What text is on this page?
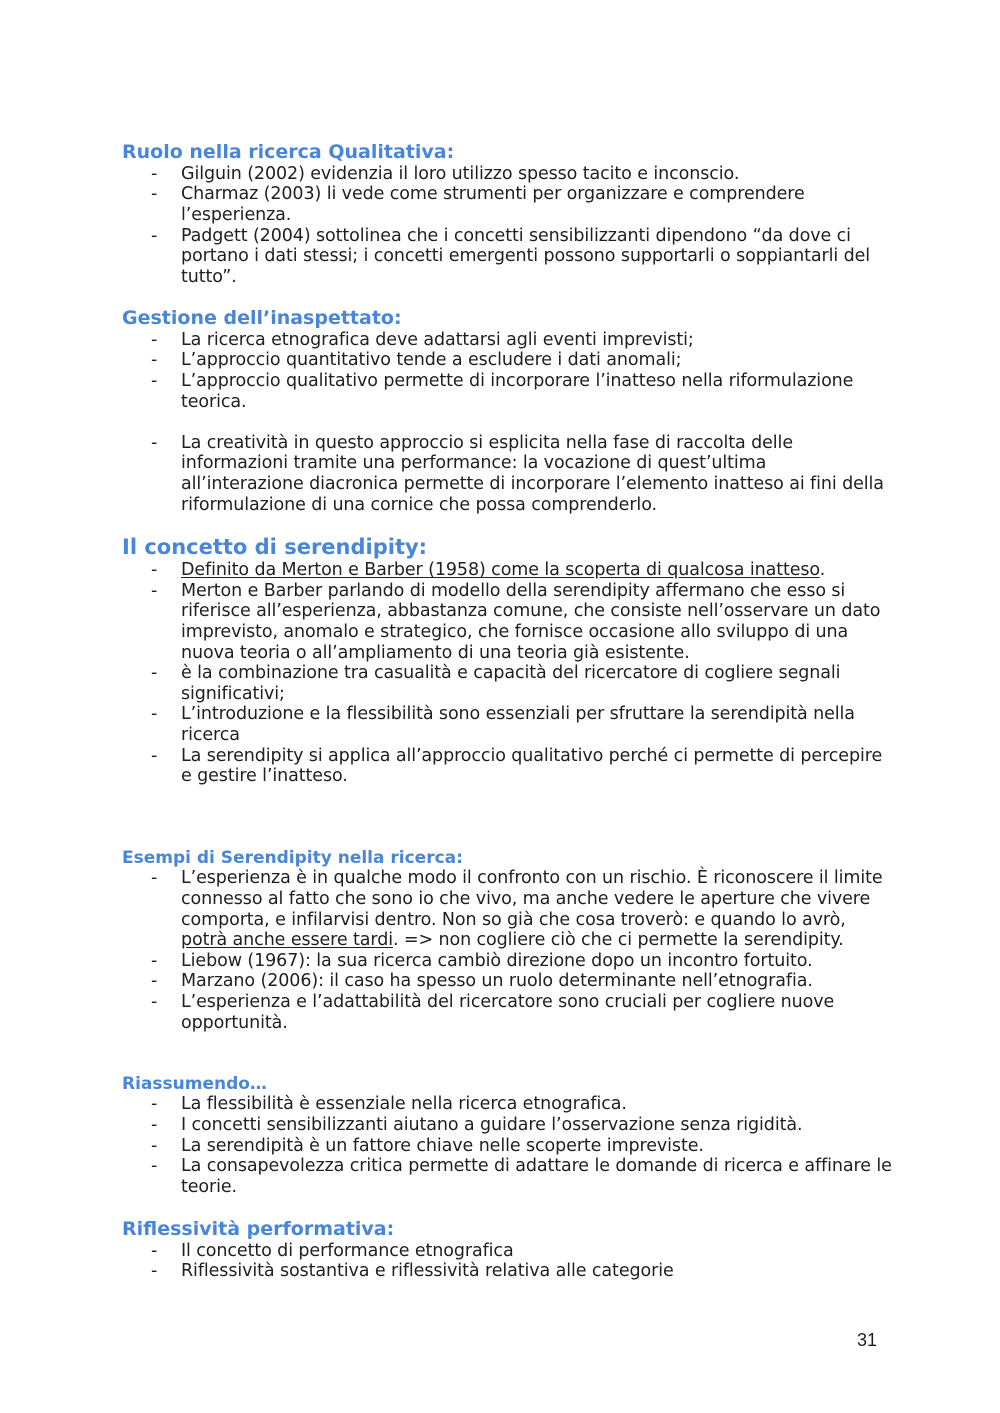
Ruolo nella ricerca Qualitativa:
- Gilguin (2002) evidenzia il loro utilizzo spesso tacito e inconscio.
- Charmaz (2003) li vede come strumenti per organizzare e comprendere l’esperienza.
- Padgett (2004) sottolinea che i concetti sensibilizzanti dipendono “da dove ci portano i dati stessi; i concetti emergenti possono supportarli o soppiantarli del tutto”.
Gestione dell’inaspettato:
- La ricerca etnografica deve adattarsi agli eventi imprevisti;
- L’approccio quantitativo tende a escludere i dati anomali;
- L’approccio qualitativo permette di incorporare l’inatteso nella riformulazione teorica.
- La creatività in questo approccio si esplicita nella fase di raccolta delle informazioni tramite una performance: la vocazione di quest’ultima all’interazione diacronica permette di incorporare l’elemento inatteso ai fini della riformulazione di una cornice che possa comprenderlo.
Il concetto di serendipity:
- Definito da Merton e Barber (1958) come la scoperta di qualcosa inatteso.
- Merton e Barber parlando di modello della serendipity affermano che esso si riferisce all’esperienza, abbastanza comune, che consiste nell’osservare un dato imprevisto, anomalo e strategico, che fornisce occasione allo sviluppo di una nuova teoria o all’ampliamento di una teoria già esistente.
- è la combinazione tra casualità e capacità del ricercatore di cogliere segnali significativi;
- L’introduzione e la flessibilità sono essenziali per sfruttare la serendipità nella ricerca
- La serendipity si applica all’approccio qualitativo perché ci permette di percepire e gestire l’inatteso.
Esempi di Serendipity nella ricerca:
- L’esperienza è in qualche modo il confronto con un rischio. È riconoscere il limite connesso al fatto che sono io che vivo, ma anche vedere le aperture che vivere comporta, e infilarvisi dentro. Non so già che cosa troverò: e quando lo avrò, potrà anche essere tardi. => non cogliere ciò che ci permette la serendipity.
- Liebow (1967): la sua ricerca cambiò direzione dopo un incontro fortuito.
- Marzano (2006): il caso ha spesso un ruolo determinante nell’etnografia.
- L’esperienza e l’adattabilità del ricercatore sono cruciali per cogliere nuove opportunità.
Riassumendo…
- La flessibilità è essenziale nella ricerca etnografica.
- I concetti sensibilizzanti aiutano a guidare l’osservazione senza rigidità.
- La serendipità è un fattore chiave nelle scoperte impreviste.
- La consapevolezza critica permette di adattare le domande di ricerca e affinare le teorie.
Riflessività performativa:
- Il concetto di performance etnografica
- Riflessività sostantiva e riflessività relativa alle categorie
31
